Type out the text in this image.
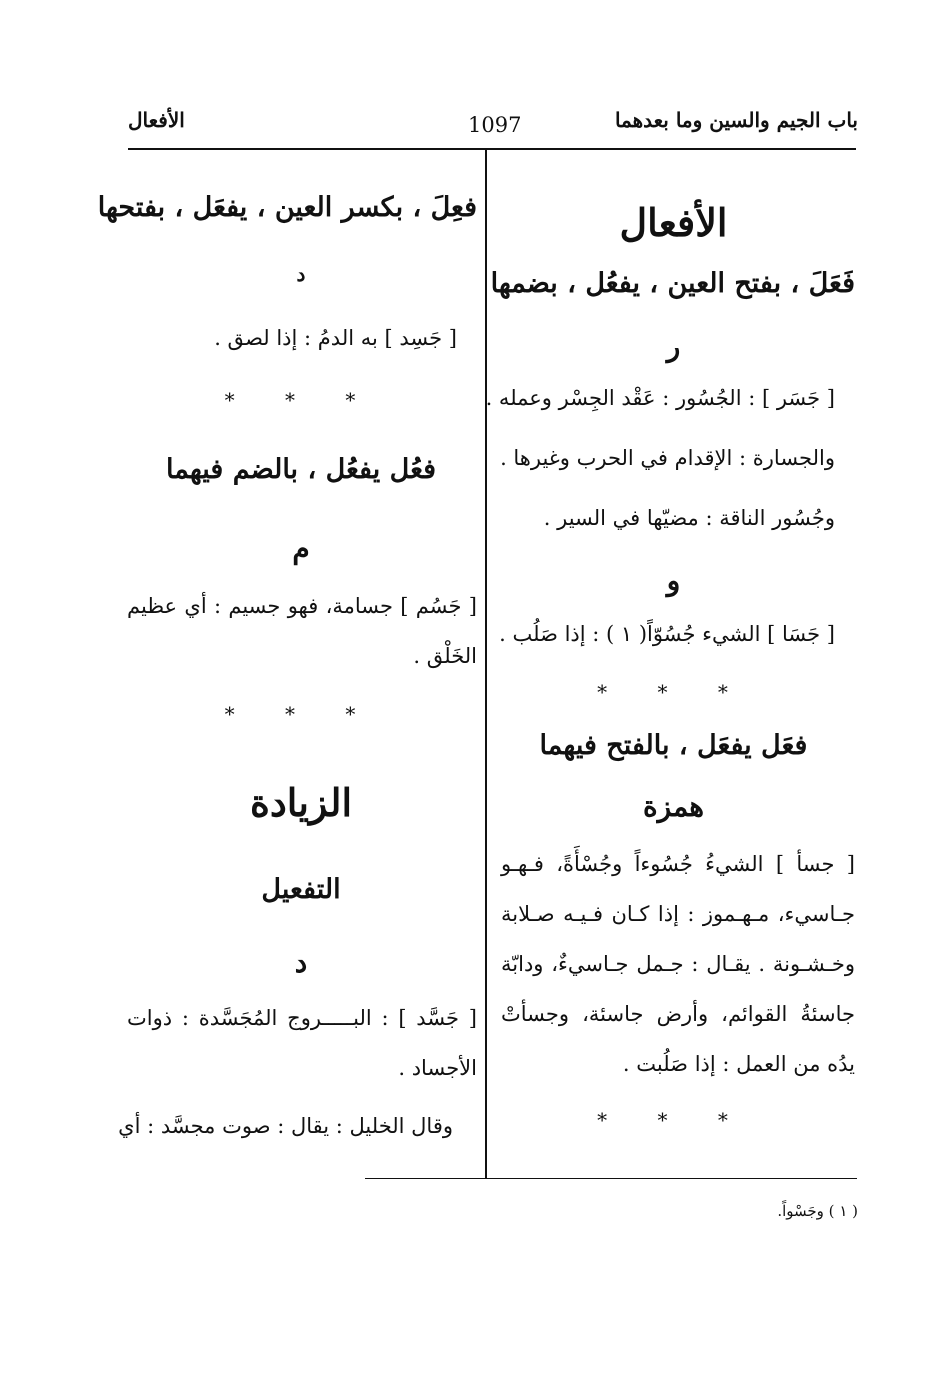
باب الجيم والسين وما بعدهما
1097
الأفعال
الأفعال
فَعَلَ ، بفتح العين ، يفعُل ، بضمها
ر
[ جَسَر ] : الجُسُور : عَقْد الجِسْر وعمله .
والجسارة : الإقدام في الحرب وغيرها .
وجُسُور الناقة : مضيّها في السير .
و
[ جَسَا ] الشيء جُسُوّاً( ١ ) : إذا صَلُب .
* * *
فعَل يفعَل ، بالفتح فيهما
همزة
[ جسأ ] الشيءُ جُسُوءاً وجُسْأَةً، فـهـو
جـاسيء، مـهـموز : إذا كـان فـيـه صـلابة
وخـشـونة . يقـال : جـمل جـاسيءٌ، ودابّة
جاسئةُ القوائم، وأرض جاسئة، وجسأتْ
يدُه من العمل : إذا صَلُبت .
* * *
فعِلَ ، بكسر العين ، يفعَل ، بفتحها
د
[ جَسِد ] به الدمُ : إذا لصق .
* * *
فعُل يفعُل ، بالضم فيهما
م
[ جَسُم ] جسامة، فهو جسيم : أي عظيم
الخَلْق .
* * *
الزيادة
التفعيل
د
[ جَسَّد ] : البـــــروج المُجَسَّدة : ذوات
الأجساد .
وقال الخليل : يقال : صوت مجسَّد : أي
( ١ ) وجَسْواً.
